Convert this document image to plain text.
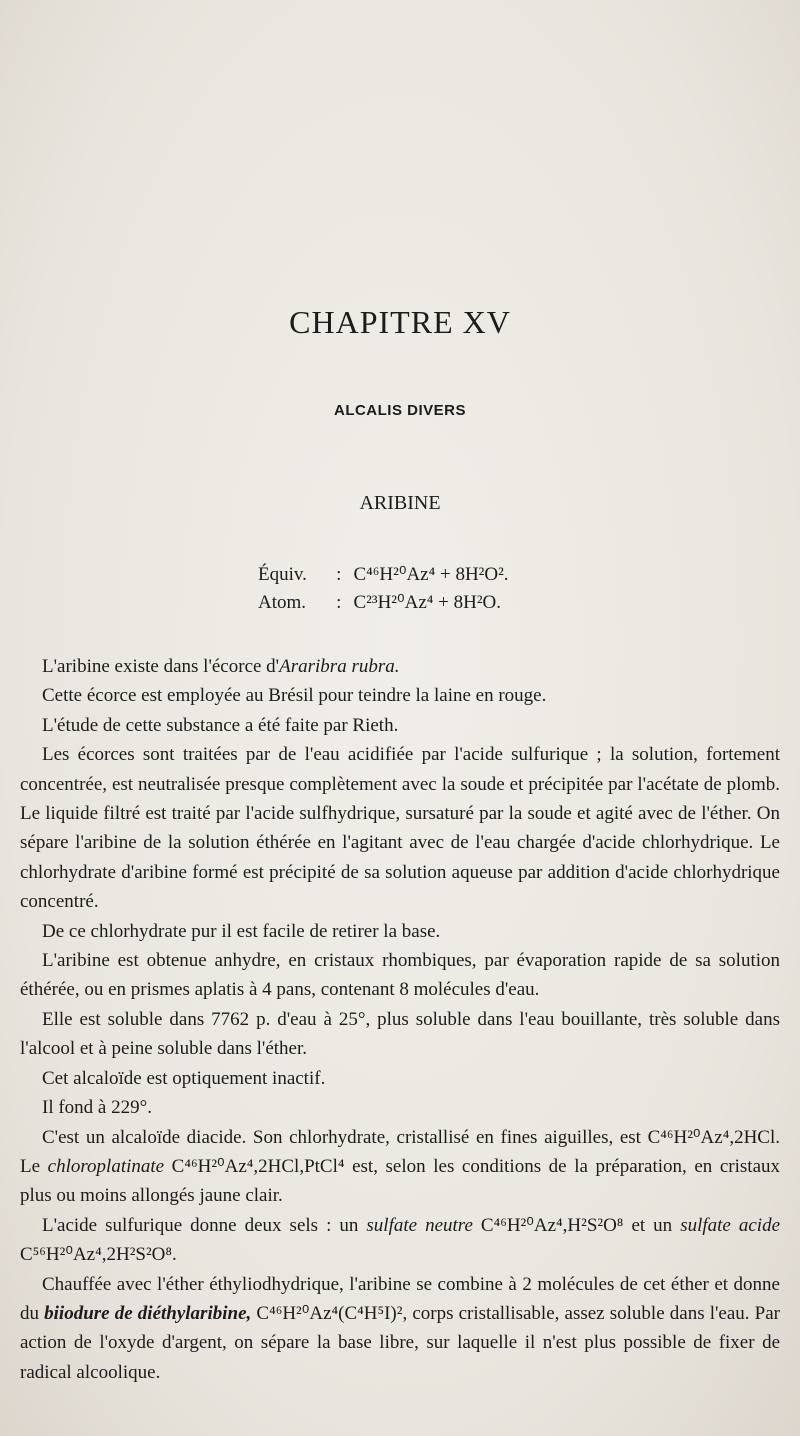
CHAPITRE XV
ALCALIS DIVERS
ARIBINE
Équiv. : C⁴⁶H²⁰Az⁴ + 8H²O².
Atom. : C²³H²⁰Az⁴ + 8H²O.

L'aribine existe dans l'écorce d'Araribra rubra.

Cette écorce est employée au Brésil pour teindre la laine en rouge.

L'étude de cette substance a été faite par Rieth.

Les écorces sont traitées par de l'eau acidifiée par l'acide sulfurique ; la solution, fortement concentrée, est neutralisée presque complètement avec la soude et précipitée par l'acétate de plomb. Le liquide filtré est traité par l'acide sulfhydrique, sursaturé par la soude et agité avec de l'éther. On sépare l'aribine de la solution éthérée en l'agitant avec de l'eau chargée d'acide chlorhydrique. Le chlorhydrate d'aribine formé est précipité de sa solution aqueuse par addition d'acide chlorhydrique concentré.

De ce chlorhydrate pur il est facile de retirer la base.

L'aribine est obtenue anhydre, en cristaux rhombiques, par évaporation rapide de sa solution éthérée, ou en prismes aplatis à 4 pans, contenant 8 molécules d'eau.

Elle est soluble dans 7762 p. d'eau à 25°, plus soluble dans l'eau bouillante, très soluble dans l'alcool et à peine soluble dans l'éther.

Cet alcaloïde est optiquement inactif.

Il fond à 229°.

C'est un alcaloïde diacide. Son chlorhydrate, cristallisé en fines aiguilles, est C⁴⁶H²⁰Az⁴,2HCl. Le chloroplatinate C⁴⁶H²⁰Az⁴,2HCl,PtCl⁴ est, selon les conditions de la préparation, en cristaux plus ou moins allongés jaune clair.

L'acide sulfurique donne deux sels : un sulfate neutre C⁴⁶H²⁰Az⁴,H²S²O⁸ et un sulfate acide C⁵⁶H²⁰Az⁴,2H²S²O⁸.

Chauffée avec l'éther éthyliodhydrique, l'aribine se combine à 2 molécules de cet éther et donne du biiodure de diéthylaribine, C⁴⁶H²⁰Az⁴(C⁴H⁵I)², corps cristallisable, assez soluble dans l'eau. Par action de l'oxyde d'argent, on sépare la base libre, sur laquelle il n'est plus possible de fixer de radical alcoolique.
